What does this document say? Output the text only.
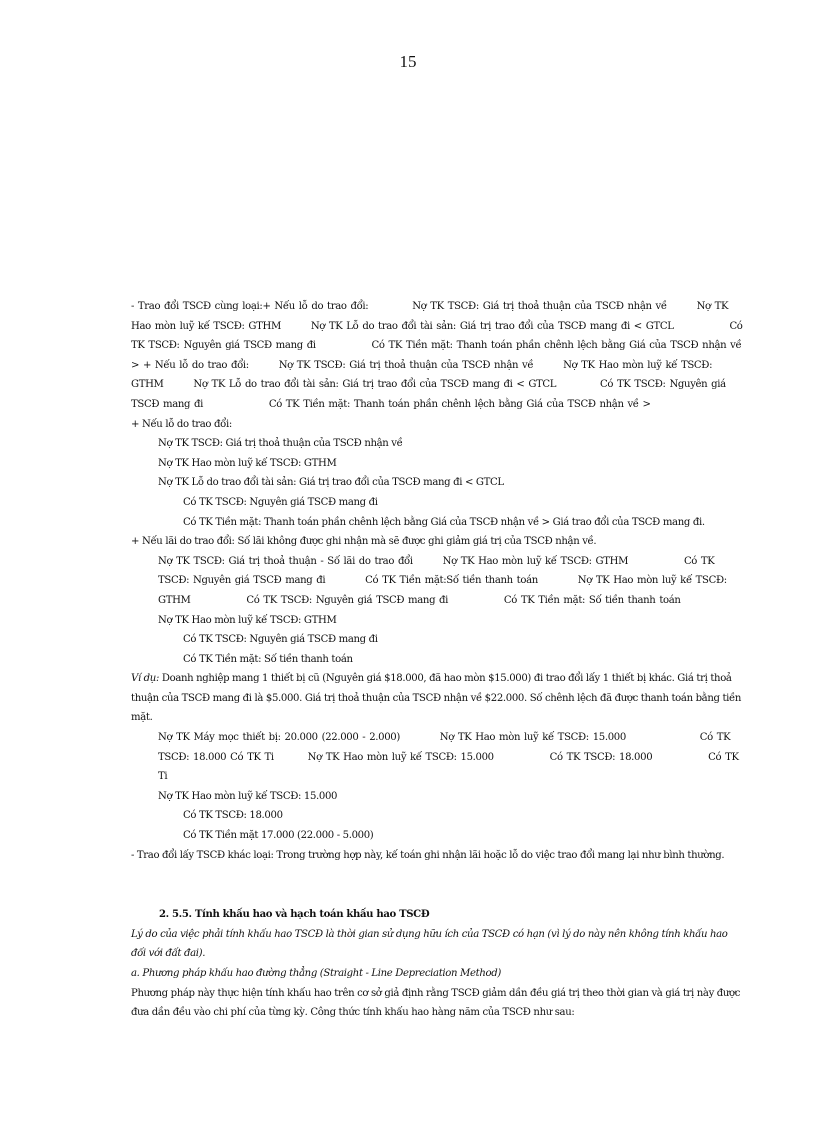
15

- Trao đổi TSCĐ cùng loại:+ Nếu lỗ do trao đổi:	Nợ TK TSCĐ: Giá trị thoả thuận của TSCĐ nhận về	Nợ TK Hao mòn luỹ kế TSCĐ: GTHM	Nợ TK Lỗ do trao đổi tài sản: Giá trị trao đổi của TSCĐ mang đi < GTCL	Có TK TSCĐ: Nguyên giá TSCĐ mang đi	Có TK Tiền mặt: Thanh toán phần chênh lệch bằng Giá của TSCĐ nhận về > + Nếu lỗ do trao đổi:	Nợ TK TSCĐ: Giá trị thoả thuận của TSCĐ nhận về	Nợ TK Hao mòn luỹ kế TSCĐ: GTHM	Nợ TK Lỗ do trao đổi tài sản: Giá trị trao đổi của TSCĐ mang đi < GTCL	Có TK TSCĐ: Nguyên giá TSCĐ mang đi	Có TK Tiền mặt: Thanh toán phần chênh lệch bằng Giá của TSCĐ nhận về >

+ Nếu lỗ do trao đổi:

Nợ TK TSCĐ: Giá trị thoả thuận của TSCĐ nhận về

Nợ TK Hao mòn luỹ kế TSCĐ: GTHM

Nợ TK Lỗ do trao đổi tài sản: Giá trị trao đổi của TSCĐ mang đi < GTCL

Có TK TSCĐ: Nguyên giá TSCĐ mang đi

Có TK Tiền mặt: Thanh toán phần chênh lệch bằng Giá của TSCĐ nhận về > Giá trao đổi của TSCĐ mang đi.

+ Nếu lãi do trao đổi: Số lãi không được ghi nhận mà sẽ được ghi giảm giá trị của TSCĐ nhận về.

Nợ TK TSCĐ: Giá trị thoả thuận - Số lãi do trao đổi	Nợ TK Hao mòn luỹ kế TSCĐ: GTHM	Có TK TSCĐ: Nguyên giá TSCĐ mang đi	Có TK Tiền mặt:Số tiền thanh toán	Nợ TK Hao mòn luỹ kế TSCĐ: GTHM	Có TK TSCĐ: Nguyên giá TSCĐ mang đi	Có TK Tiền mặt: Số tiền thanh toán

Nợ TK Hao mòn luỹ kế TSCĐ: GTHM

Có TK TSCĐ: Nguyên giá TSCĐ mang đi

Có TK Tiền mặt: Số tiền thanh toán

Ví dụ: Doanh nghiệp mang 1 thiết bị cũ (Nguyên giá $18.000, đã hao mòn $15.000) đi trao đổi lấy 1 thiết bị khác. Giá trị thoả thuận của TSCĐ mang đi là $5.000. Giá trị thoả thuận của TSCĐ nhận về $22.000. Số chênh lệch đã được thanh toán bằng tiền mặt.

Nợ TK Máy mọc thiết bị: 20.000 (22.000 - 2.000)	Nợ TK Hao mòn luỹ kế TSCĐ: 15.000	Có TK TSCĐ: 18.000 Có TK Ti	Nợ TK Hao mòn luỹ kế TSCĐ: 15.000	Có TK TSCĐ: 18.000	Có TK Ti

Nợ TK Hao mòn luỹ kế TSCĐ: 15.000

Có TK TSCĐ: 18.000

Có TK Tiền mặt 17.000 (22.000 - 5.000)

- Trao đổi lấy TSCĐ khác loại: Trong trường hợp này, kế toán ghi nhận lãi hoặc lỗ do việc trao đổi mang lại như bình thường.

2. 5.5. Tính khấu hao và hạch toán khấu hao TSCĐ

Lý do của việc phải tính khấu hao TSCĐ là thời gian sử dụng hữu ích của TSCĐ có hạn (vì lý do này nên không tính khấu hao đối với đất đai).

a. Phương pháp khấu hao đường thẳng (Straight - Line Depreciation Method)

Phương pháp này thực hiện tính khấu hao trên cơ sở giả định rằng TSCĐ giảm dần đều giá trị theo thời gian và giá trị này được đưa dần đều vào chi phí của từng kỳ. Công thức tính khấu hao hàng năm của TSCĐ như sau:
